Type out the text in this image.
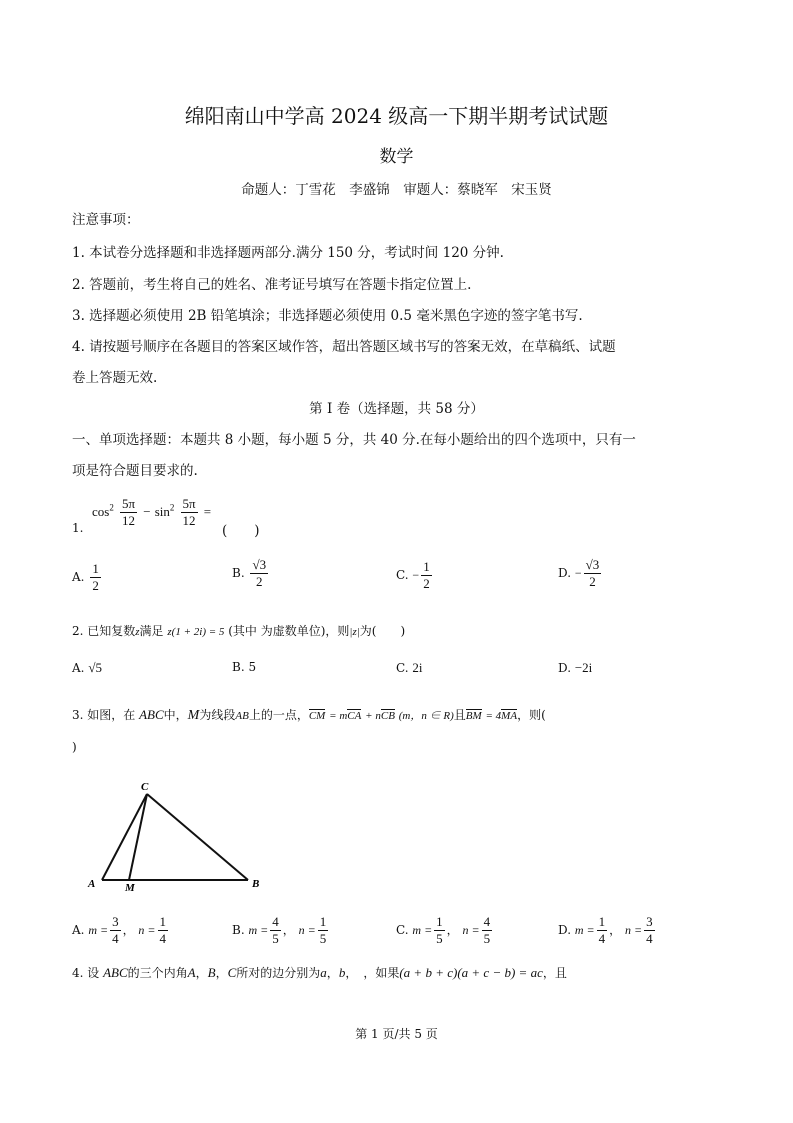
绵阳南山中学高 2024 级高一下期半期考试试题
数学
命题人：丁雪花　李盛锦　审题人：蔡晓军　宋玉贤
注意事项：
1. 本试卷分选择题和非选择题两部分.满分 150 分，考试时间 120 分钟.
2. 答题前，考生将自己的姓名、准考证号填写在答题卡指定位置上.
3. 选择题必须使用 2B 铅笔填涂；非选择题必须使用 0.5 毫米黑色字迹的签字笔书写.
4. 请按题号顺序在各题目的答案区域作答，超出答题区域书写的答案无效，在草稿纸、试题
卷上答题无效.
第 I 卷（选择题，共 58 分）
一、单项选择题：本题共 8 小题，每小题 5 分，共 40 分.在每小题给出的四个选项中，只有一
项是符合题目要求的.
1.
$\cos^2 \frac{5\pi}{12} - \sin^2 \frac{5\pi}{12}$ =
(　　)
A. $\frac{1}{2}$	B. $\frac{√3}{2}$	C. − $\frac{1}{2}$	D. − $\frac{√3}{2}$
2. 已知复数z满足 z(1 + 2i) = 5 (其中 为虚数单位)，则|z|为(　　)
A. √5	B. 5	C. 2i	D. −2i
3. 如图，在 ABC中，M为线段AB上的一点，CM = mCA + nCB (m，n ∈ R)且BM = 4MA，则(
)
C
A	M	B
A. $m = \frac{3}{4}$ ， $n = \frac{1}{4}$	B. $m = \frac{4}{5}$ ， $n = \frac{1}{5}$	C. $m = \frac{1}{5}$ ， $n = \frac{4}{5}$	D. $m = \frac{1}{4}$ ， $n = \frac{3}{4}$
4. 设 ABC的三个内角A，B，C所对的边分别为a，b，　，如果(a + b + c)(a + c − b) = ac，且
第 1 页/共 5 页
